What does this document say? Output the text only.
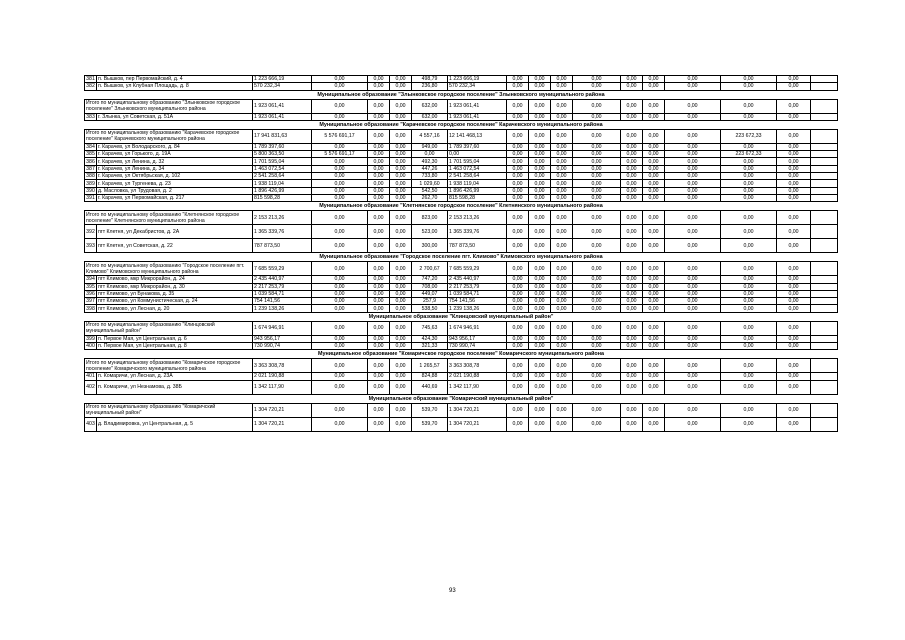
381	п. Вышков, пер Первомайский, д. 4	1 223 666,19	0,00	0,00	0,00	498,79	1 223 666,19	0,00	0,00	0,00	0,00	0,00	0,00	0,00	0,00	0,00	
382	п. Вышков, ул Клубная Площадь, д. 8	570 232,34	0,00	0,00	0,00	236,80	570 232,34	0,00	0,00	0,00	0,00	0,00	0,00	0,00	0,00	0,00	
Муниципальное образование "Злынковское городское поселение" Злынковского муниципального района																	
Итого по муниципальному образованию "Злынковское городское поселение" Злынковского муниципального района		1 923 061,41	0,00	0,00	0,00	632,00	1 923 061,41	0,00	0,00	0,00	0,00	0,00	0,00	0,00	0,00	0,00	
383	г. Злынка, ул Советская, д. 51А	1 923 061,41	0,00	0,00	0,00	632,00	1 923 061,41	0,00	0,00	0,00	0,00	0,00	0,00	0,00	0,00	0,00	
Муниципальное образование "Карачевское городское поселение" Карачевского муниципального района																	
Итого по муниципальному образованию "Карачевское городское поселение" Карачевского муниципального района		17 941 831,63	5 576 691,17	0,00	0,00	4 557,16	12 141 468,13	0,00	0,00	0,00	0,00	0,00	0,00	0,00	223 672,33	0,00	
384	г. Карачев, ул Володарского, д. 84	1 789 397,60	0,00	0,00	0,00	949,00	1 789 397,60	0,00	0,00	0,00	0,00	0,00	0,00	0,00	0,00	0,00	
385	г. Карачев, ул Горького, д. 19А	5 800 363,50	5 576 691,17	0,00	0,00	0,00	0,00	0,00	0,00	0,00	0,00	0,00	0,00	0,00	223 672,33	0,00	
386	г. Карачев, ул Ленина, д. 32	1 701 595,04	0,00	0,00	0,00	492,30	1 701 595,04	0,00	0,00	0,00	0,00	0,00	0,00	0,00	0,00	0,00	
387	г. Карачев, ул Ленина, д. 34	1 463 072,54	0,00	0,00	0,00	447,26	1 463 072,54	0,00	0,00	0,00	0,00	0,00	0,00	0,00	0,00	0,00	
388	г. Карачев, ул Октябрьская, д. 102	2 541 258,64	0,00	0,00	0,00	733,80	2 541 258,64	0,00	0,00	0,00	0,00	0,00	0,00	0,00	0,00	0,00	
389	г. Карачев, ул Тургенева, д. 23	1 938 119,04	0,00	0,00	0,00	1 029,60	1 938 119,04	0,00	0,00	0,00	0,00	0,00	0,00	0,00	0,00	0,00	
390	д. Масловка, ул Трудовая, д. 2	1 896 426,99	0,00	0,00	0,00	542,50	1 896 426,99	0,00	0,00	0,00	0,00	0,00	0,00	0,00	0,00	0,00	
391	г. Карачев, ул Первомайская, д. 217	815 598,28	0,00	0,00	0,00	262,70	815 598,28	0,00	0,00	0,00	0,00	0,00	0,00	0,00	0,00	0,00	
Муниципальное образование "Клетнянское городское поселение" Клетнянского муниципального района																	
Итого по муниципальному образованию "Клетнянское городское поселение" Клетнянского муниципального района		2 153 213,26	0,00	0,00	0,00	823,00	2 153 213,26	0,00	0,00	0,00	0,00	0,00	0,00	0,00	0,00	0,00	
392	пгт Клетня, ул Декабристов, д. 2А	1 365 339,76	0,00	0,00	0,00	523,00	1 365 339,76	0,00	0,00	0,00	0,00	0,00	0,00	0,00	0,00	0,00	
393	пгт Клетня, ул Советская, д. 22	787 873,50	0,00	0,00	0,00	300,00	787 873,50	0,00	0,00	0,00	0,00	0,00	0,00	0,00	0,00	0,00	
Муниципальное образование "Городское поселение пгт. Климово" Климовского муниципального района																	
Итого по муниципальному образованию "Городское поселение пгт. Климово" Климовского муниципального района		7 685 559,29	0,00	0,00	0,00	2 700,67	7 685 559,29	0,00	0,00	0,00	0,00	0,00	0,00	0,00	0,00	0,00	
394	пгт Климово, мкр Микрорайон, д. 24	2 435 440,97	0,00	0,00	0,00	747,20	2 435 440,97	0,00	0,00	0,00	0,00	0,00	0,00	0,00	0,00	0,00	
395	пгт Климово, мкр Микрорайон, д. 30	2 217 253,79	0,00	0,00	0,00	708,00	2 217 253,79	0,00	0,00	0,00	0,00	0,00	0,00	0,00	0,00	0,00	
396	пгт Климово, ул Бунакова, д. 35	1 039 584,71	0,00	0,00	0,00	449,07	1 039 584,71	0,00	0,00	0,00	0,00	0,00	0,00	0,00	0,00	0,00	
397	пгт Климово, ул Коммунистическая, д. 24	754 141,56	0,00	0,00	0,00	257,9	754 141,56	0,00	0,00	0,00	0,00	0,00	0,00	0,00	0,00	0,00	
398	пгт Климово, ул Лесная, д. 20	1 239 138,26	0,00	0,00	0,00	538,50	1 239 138,26	0,00	0,00	0,00	0,00	0,00	0,00	0,00	0,00	0,00	
Муниципальное образование "Клинцовский муниципальный район"																	
Итого по муниципальному образованию "Клинцовский муниципальный район"		1 674 946,91	0,00	0,00	0,00	745,63	1 674 946,91	0,00	0,00	0,00	0,00	0,00	0,00	0,00	0,00	0,00	
399	п. Первое Мая, ул Центральная, д. 6	943 956,17	0,00	0,00	0,00	424,30	943 956,17	0,00	0,00	0,00	0,00	0,00	0,00	0,00	0,00	0,00	
400	п. Первое Мая, ул Центральная, д. 8	730 990,74	0,00	0,00	0,00	321,33	730 990,74	0,00	0,00	0,00	0,00	0,00	0,00	0,00	0,00	0,00	
Муниципальное образование "Комаричское городское поселение" Комаричского муниципального района																	
Итого по муниципальному образованию "Комаричское городское поселение" Комаричского муниципального района		3 363 308,78	0,00	0,00	0,00	1 265,57	3 363 308,78	0,00	0,00	0,00	0,00	0,00	0,00	0,00	0,00	0,00	
401	п. Комаричи, ул Лесная, д. 23А	2 021 190,88	0,00	0,00	0,00	824,88	2 021 190,88	0,00	0,00	0,00	0,00	0,00	0,00	0,00	0,00	0,00	
402	п. Комаричи, ул Незнамова, д. 38Б	1 342 117,90	0,00	0,00	0,00	440,69	1 342 117,90	0,00	0,00	0,00	0,00	0,00	0,00	0,00	0,00	0,00	
Муниципальное образование "Комаричский муниципальный район"																	
Итого по муниципальному образованию "Комаричский муниципальный район"		1 304 720,21	0,00	0,00	0,00	539,70	1 304 720,21	0,00	0,00	0,00	0,00	0,00	0,00	0,00	0,00	0,00	
403	д. Владимировка, ул Центральная, д. 5	1 304 720,21	0,00	0,00	0,00	539,70	1 304 720,21	0,00	0,00	0,00	0,00	0,00	0,00	0,00	0,00	0,00	
93
